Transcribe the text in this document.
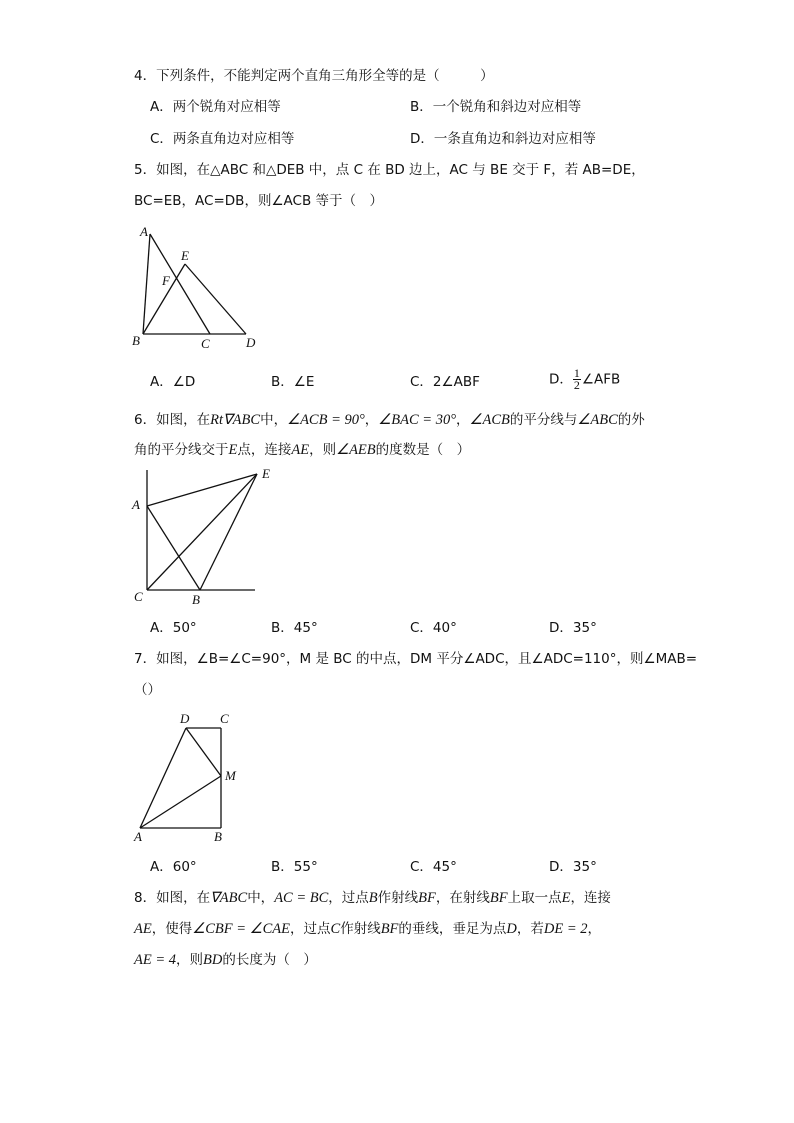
4．下列条件，不能判定两个直角三角形全等的是（　　　）
A．两个锐角对应相等	B．一个锐角和斜边对应相等
C．两条直角边对应相等	D．一条直角边和斜边对应相等
5．如图，在△ABC 和△DEB 中，点 C 在 BD 边上，AC 与 BE 交于 F，若 AB=DE，
BC=EB，AC=DB，则∠ACB 等于（　）
A
E
F
B	C	D
A．∠D	B．∠E	C．2∠ABF	D． $\frac{1}{2}$ ∠AFB
6．如图，在Rt∇ABC中，∠ACB = 90°，∠BAC = 30°，∠ACB的平分线与∠ABC的外
角的平分线交于E点，连接AE，则∠AEB的度数是（　）
A
E
C	B
A．50°	B．45°	C．40°	D．35°
7．如图，∠B=∠C=90°，M 是 BC 的中点，DM 平分∠ADC，且∠ADC=110°，则∠MAB=
（）
D C
M
A	B
A．60°	B．55°	C．45°	D．35°
8．如图，在∇ABC中，AC = BC，过点B作射线BF，在射线BF上取一点E，连接
AE，使得∠CBF = ∠CAE，过点C作射线BF的垂线，垂足为点D，若DE = 2，
AE = 4，则BD的长度为（　）
